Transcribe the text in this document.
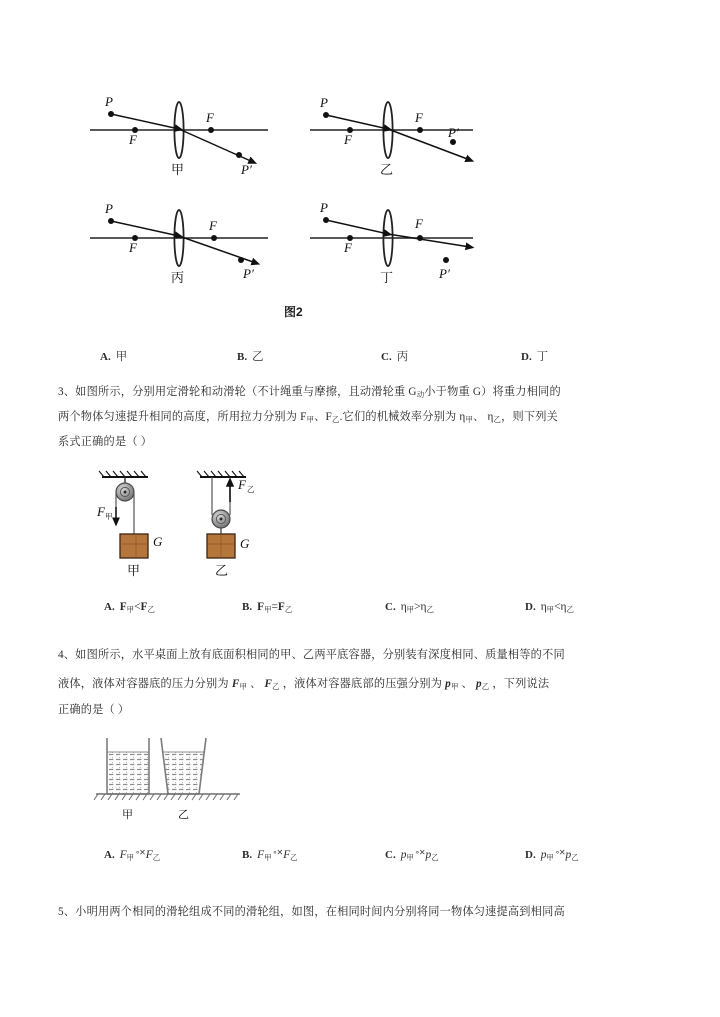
P
F
F
P′
甲
P
F
F
P′
乙
P
F
F
P′
丙
P
F
F
P′
丁
图2
A. 甲	B. 乙	C. 丙	D. 丁
3、如图所示，分别用定滑轮和动滑轮（不计绳重与摩擦，且动滑轮重 $G_动$小于物重 G）将重力相同的
两个物体匀速提升相同的高度，所用拉力分别为 $F_甲$、$F_乙$.它们的机械效率分别为 $\eta_甲$、 $\eta_乙$，则下列关
系式正确的是（ ）
F 甲
G
甲
F 乙
G
乙
A. $F_甲<F_乙$	B. $F_甲=F_乙$	C. $\eta_甲>\eta_乙$	D. $\eta_甲<\eta_乙$
4、如图所示，水平桌面上放有底面积相同的甲、乙两平底容器，分别装有深度相同、质量相等的不同
液体，液体对容器底的压力分别为 $F_甲$ 、 $F_乙$ ，液体对容器底部的压强分别为 $p_甲$ 、 $p_乙$ ，下列说法
正确的是（ ）
甲	乙
A. $F_甲\circ✕F_乙$	B. $F_甲\circ✕F_乙$	C. $p_甲\circ✕p_乙$	D. $p_甲\circ✕p_乙$
5、小明用两个相同的滑轮组成不同的滑轮组，如图，在相同时间内分别将同一物体匀速提高到相同高
